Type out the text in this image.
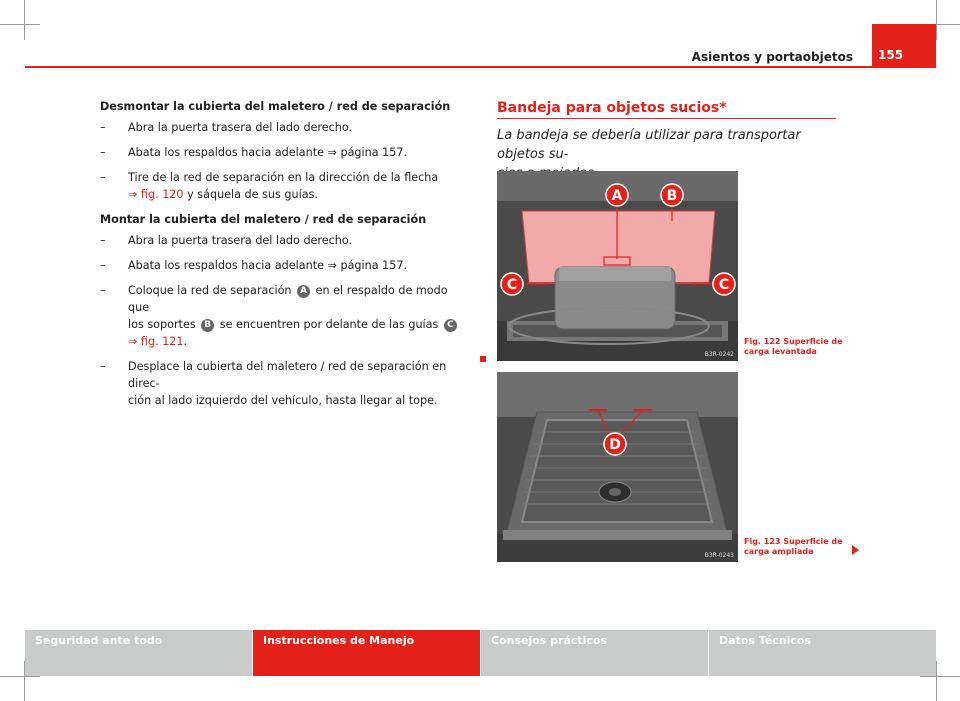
Asientos y portaobjetos 155
Desmontar la cubierta del maletero / red de separación
– Abra la puerta trasera del lado derecho.
– Abata los respaldos hacia adelante ⇒ página 157.
– Tire de la red de separación en la dirección de la flecha
⇒ fig. 120 y sáquela de sus guías.
Montar la cubierta del maletero / red de separación
– Abra la puerta trasera del lado derecho.
– Abata los respaldos hacia adelante ⇒ página 157.
– Coloque la red de separación A en el respaldo de modo que
los soportes B se encuentren por delante de las guías C
⇒ fig. 121.
– Desplace la cubierta del maletero / red de separación en direc-
ción al lado izquierdo del vehículo, hasta llegar al tope.
Bandeja para objetos sucios*
La bandeja se debería utilizar para transportar objetos su-
A	B
C	C
B3R-0242
Fig. 122 Superficie de
carga levantada
D
B3R-0243
Fig. 123 Superficie de
carga ampliada
Seguridad ante todo	Instrucciones de Manejo	Consejos prácticos	Datos Técnicos
